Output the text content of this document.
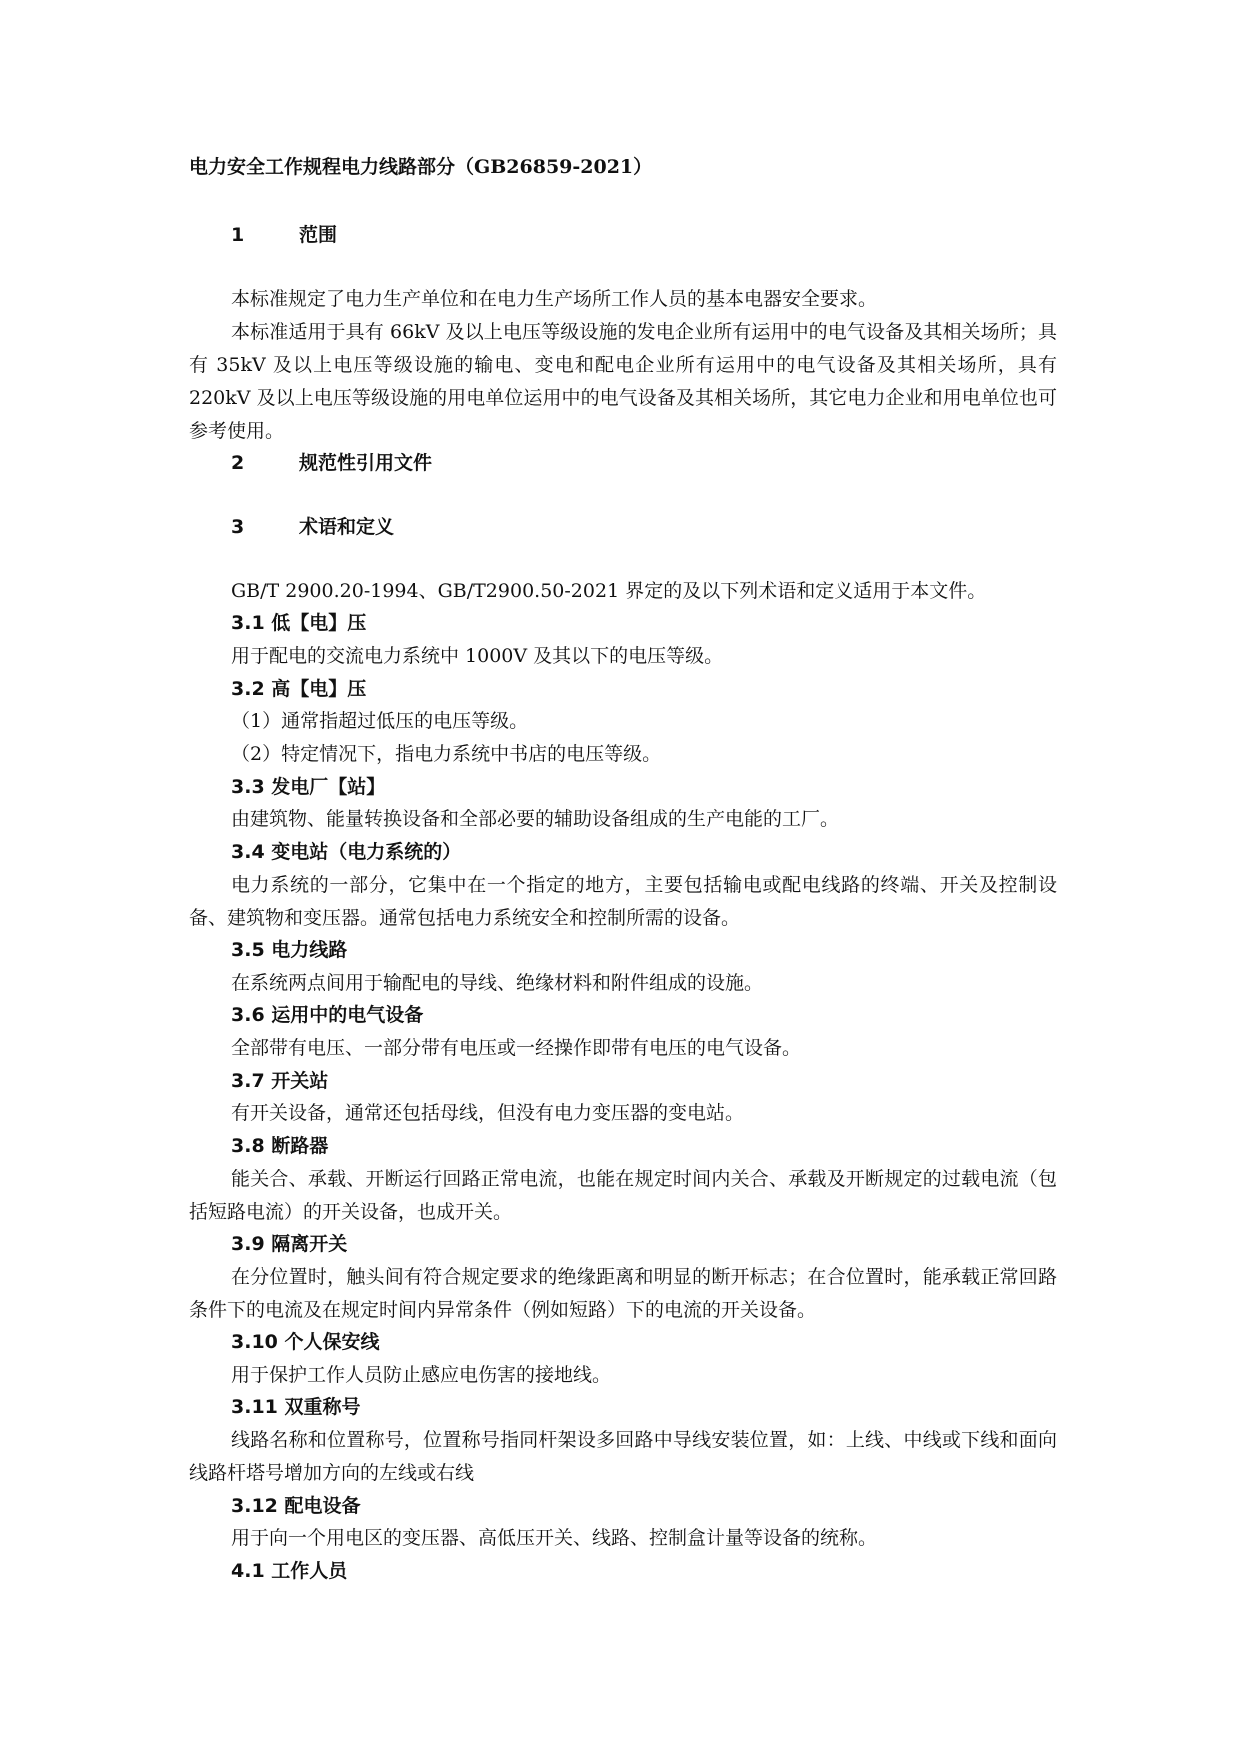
电力安全工作规程电力线路部分（GB26859-2021）
1	范围
本标准规定了电力生产单位和在电力生产场所工作人员的基本电器安全要求。
本标准适用于具有 66kV 及以上电压等级设施的发电企业所有运用中的电气设备及其相关场所；具有 35kV 及以上电压等级设施的输电、变电和配电企业所有运用中的电气设备及其相关场所，具有 220kV 及以上电压等级设施的用电单位运用中的电气设备及其相关场所，其它电力企业和用电单位也可参考使用。
2	规范性引用文件
3	术语和定义
GB/T 2900.20-1994、GB/T2900.50-2021 界定的及以下列术语和定义适用于本文件。
3.1 低【电】压
用于配电的交流电力系统中 1000V 及其以下的电压等级。
3.2 高【电】压
（1）通常指超过低压的电压等级。
（2）特定情况下，指电力系统中书店的电压等级。
3.3 发电厂【站】
由建筑物、能量转换设备和全部必要的辅助设备组成的生产电能的工厂。
3.4 变电站（电力系统的）
电力系统的一部分，它集中在一个指定的地方，主要包括输电或配电线路的终端、开关及控制设备、建筑物和变压器。通常包括电力系统安全和控制所需的设备。
3.5 电力线路
在系统两点间用于输配电的导线、绝缘材料和附件组成的设施。
3.6 运用中的电气设备
全部带有电压、一部分带有电压或一经操作即带有电压的电气设备。
3.7 开关站
有开关设备，通常还包括母线，但没有电力变压器的变电站。
3.8 断路器
能关合、承载、开断运行回路正常电流，也能在规定时间内关合、承载及开断规定的过载电流（包括短路电流）的开关设备，也成开关。
3.9 隔离开关
在分位置时，触头间有符合规定要求的绝缘距离和明显的断开标志；在合位置时，能承载正常回路条件下的电流及在规定时间内异常条件（例如短路）下的电流的开关设备。
3.10 个人保安线
用于保护工作人员防止感应电伤害的接地线。
3.11 双重称号
线路名称和位置称号，位置称号指同杆架设多回路中导线安装位置，如：上线、中线或下线和面向线路杆塔号增加方向的左线或右线
3.12 配电设备
用于向一个用电区的变压器、高低压开关、线路、控制盒计量等设备的统称。
4.1 工作人员
